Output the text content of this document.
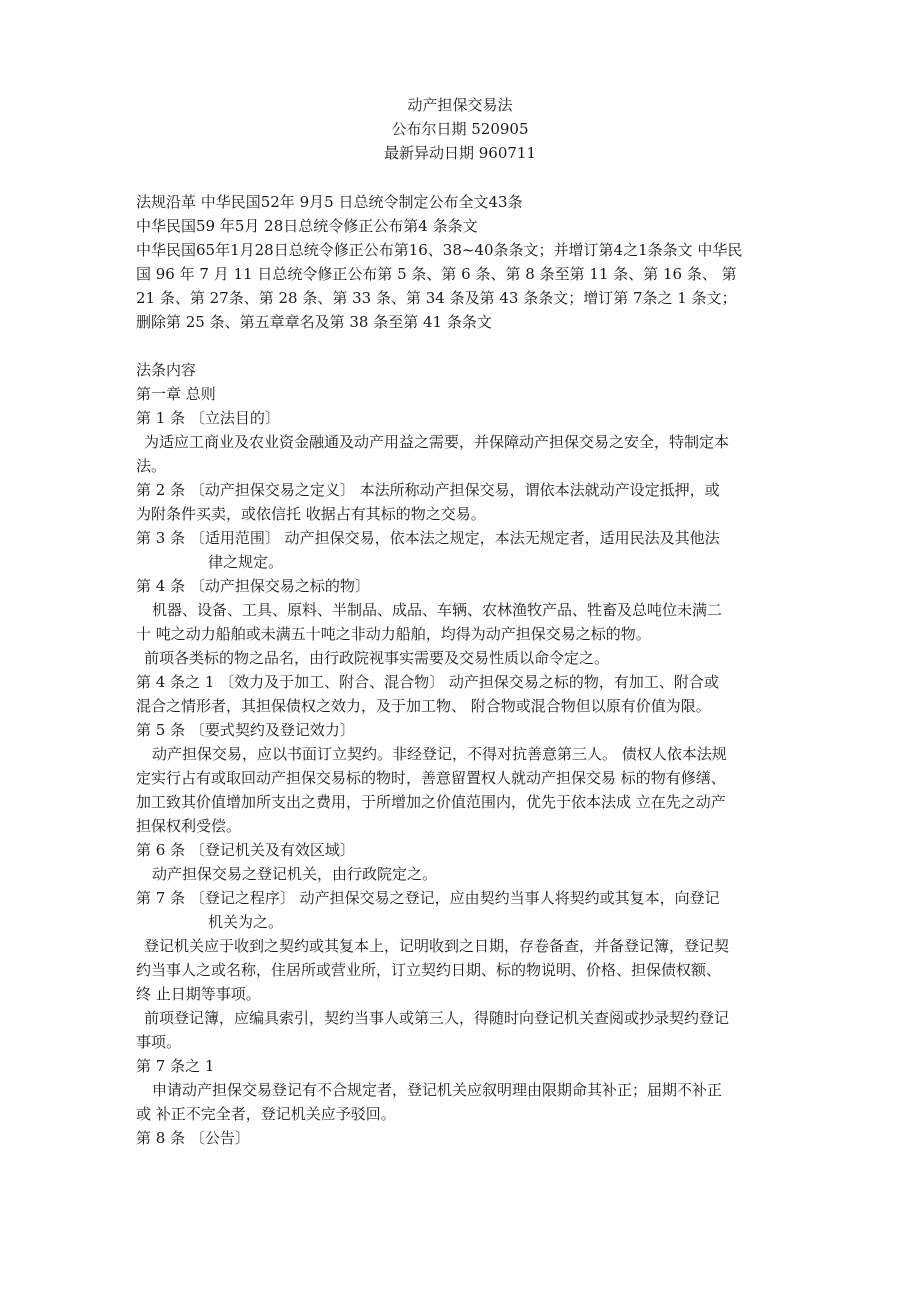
动产担保交易法
公布尔日期 520905
最新异动日期 960711
法规沿革 中华民国52年 9月5 日总统令制定公布全文43条
中华民国59 年5月 28日总统令修正公布第4 条条文
中华民国65年1月28日总统令修正公布第16、38~40条条文；并增订第4之1条条文 中华民
国 96 年 7 月 11 日总统令修正公布第 5 条、第 6 条、第 8 条至第 11 条、第 16 条、 第
21 条、第 27条、第 28 条、第 33 条、第 34 条及第 43 条条文；增订第 7条之 1 条文；
删除第 25 条、第五章章名及第 38 条至第 41 条条文
法条内容
第一章 总则
第 1 条 〔立法目的〕
为适应工商业及农业资金融通及动产用益之需要，并保障动产担保交易之安全，特制定本
法。
第 2 条 〔动产担保交易之定义〕 本法所称动产担保交易，谓依本法就动产设定抵押，或
为附条件买卖，或依信托 收据占有其标的物之交易。
第 3 条 〔适用范围〕 动产担保交易，依本法之规定，本法无规定者，适用民法及其他法
律之规定。
第 4 条 〔动产担保交易之标的物〕
机器、设备、工具、原料、半制品、成品、车辆、农林渔牧产品、牲畜及总吨位未满二
十 吨之动力船舶或未满五十吨之非动力船舶，均得为动产担保交易之标的物。
前项各类标的物之品名，由行政院视事实需要及交易性质以命令定之。
第 4 条之 1 〔效力及于加工、附合、混合物〕 动产担保交易之标的物，有加工、附合或
混合之情形者，其担保债权之效力，及于加工物、 附合物或混合物但以原有价值为限。
第 5 条 〔要式契约及登记效力〕
动产担保交易，应以书面订立契约。非经登记，不得对抗善意第三人。 债权人依本法规
定实行占有或取回动产担保交易标的物时，善意留置权人就动产担保交易 标的物有修缮、
加工致其价值增加所支出之费用，于所增加之价值范围内，优先于依本法成 立在先之动产
担保权利受偿。
第 6 条 〔登记机关及有效区域〕
动产担保交易之登记机关，由行政院定之。
第 7 条 〔登记之程序〕 动产担保交易之登记，应由契约当事人将契约或其复本，向登记
机关为之。
登记机关应于收到之契约或其复本上，记明收到之日期，存卷备查，并备登记簿，登记契
约当事人之或名称，住居所或营业所，订立契约日期、标的物说明、价格、担保债权额、
终 止日期等事项。
前项登记簿，应编具索引，契约当事人或第三人，得随时向登记机关查阅或抄录契约登记
事项。
第 7 条之 1
申请动产担保交易登记有不合规定者，登记机关应叙明理由限期命其补正；届期不补正
或 补正不完全者，登记机关应予驳回。
第 8 条 〔公告〕
